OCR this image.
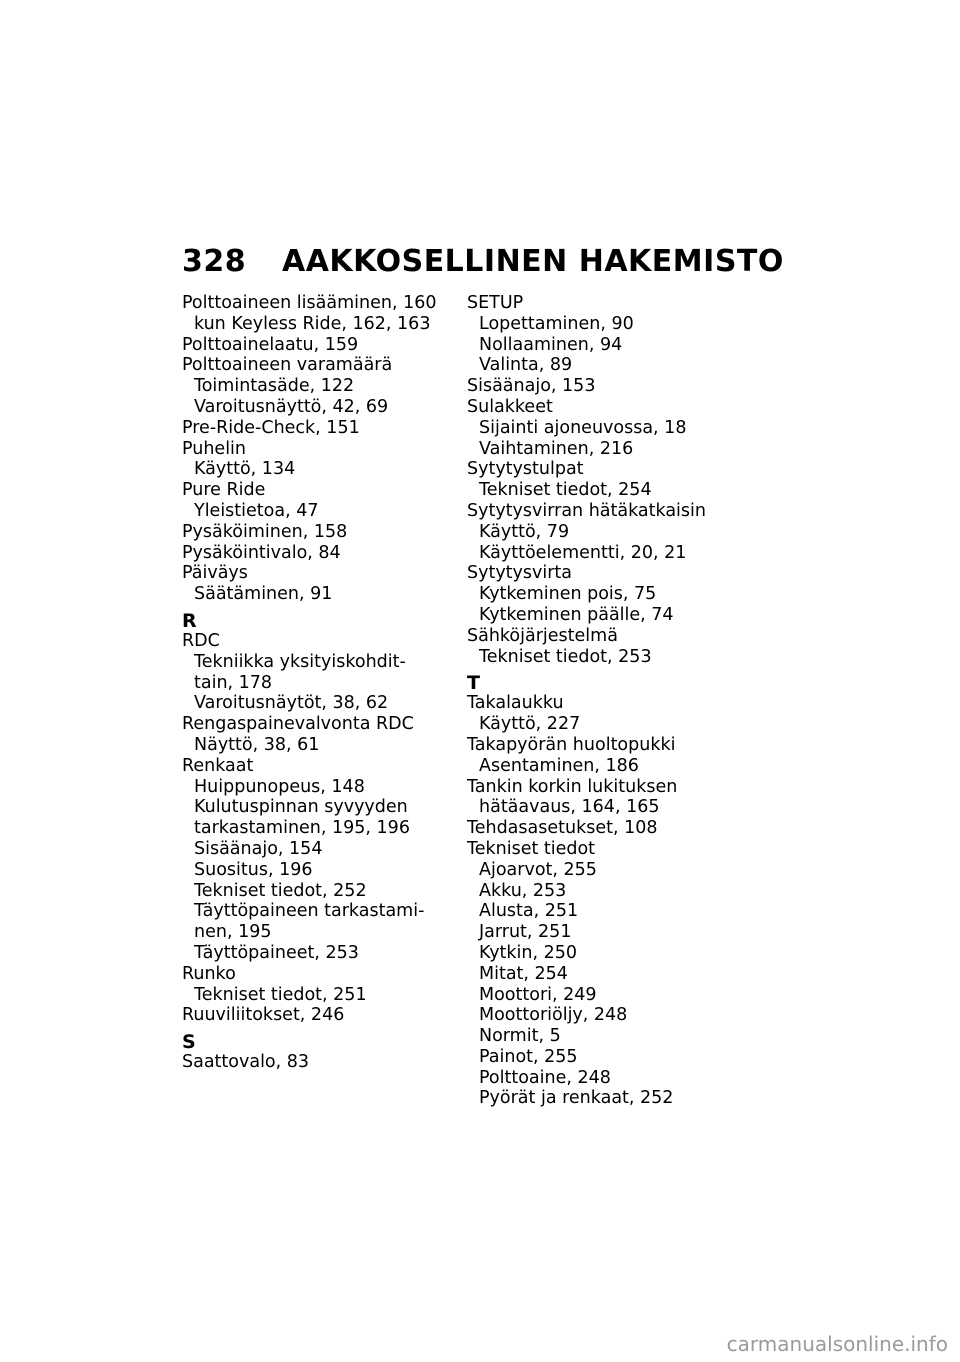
328 AAKKOSELLINEN HAKEMISTO
Polttoaineen lisääminen, 160
kun Keyless Ride, 162, 163
Polttoainelaatu, 159
Polttoaineen varamäärä
Toimintasäde, 122
Varoitusnäyttö, 42, 69
Pre-Ride-Check, 151
Puhelin
Käyttö, 134
Pure Ride
Yleistietoa, 47
Pysäköiminen, 158
Pysäköintivalo, 84
Päiväys
Säätäminen, 91
R
RDC
Tekniikka yksityiskohdit-
tain, 178
Varoitusnäytöt, 38, 62
Rengaspainevalvonta RDC
Näyttö, 38, 61
Renkaat
Huippunopeus, 148
Kulutuspinnan syvyyden
tarkastaminen, 195, 196
Sisäänajo, 154
Suositus, 196
Tekniset tiedot, 252
Täyttöpaineen tarkastami-
nen, 195
Täyttöpaineet, 253
Runko
Tekniset tiedot, 251
Ruuviliitokset, 246
S
Saattovalo, 83
SETUP
Lopettaminen, 90
Nollaaminen, 94
Valinta, 89
Sisäänajo, 153
Sulakkeet
Sijainti ajoneuvossa, 18
Vaihtaminen, 216
Sytytystulpat
Tekniset tiedot, 254
Sytytysvirran hätäkatkaisin
Käyttö, 79
Käyttöelementti, 20, 21
Sytytysvirta
Kytkeminen pois, 75
Kytkeminen päälle, 74
Sähköjärjestelmä
Tekniset tiedot, 253
T
Takalaukku
Käyttö, 227
Takapyörän huoltopukki
Asentaminen, 186
Tankin korkin lukituksen
hätäavaus, 164, 165
Tehdasasetukset, 108
Tekniset tiedot
Ajoarvot, 255
Akku, 253
Alusta, 251
Jarrut, 251
Kytkin, 250
Mitat, 254
Moottori, 249
Moottoriöljy, 248
Normit, 5
Painot, 255
Polttoaine, 248
Pyörät ja renkaat, 252
carmanualsonline.info
